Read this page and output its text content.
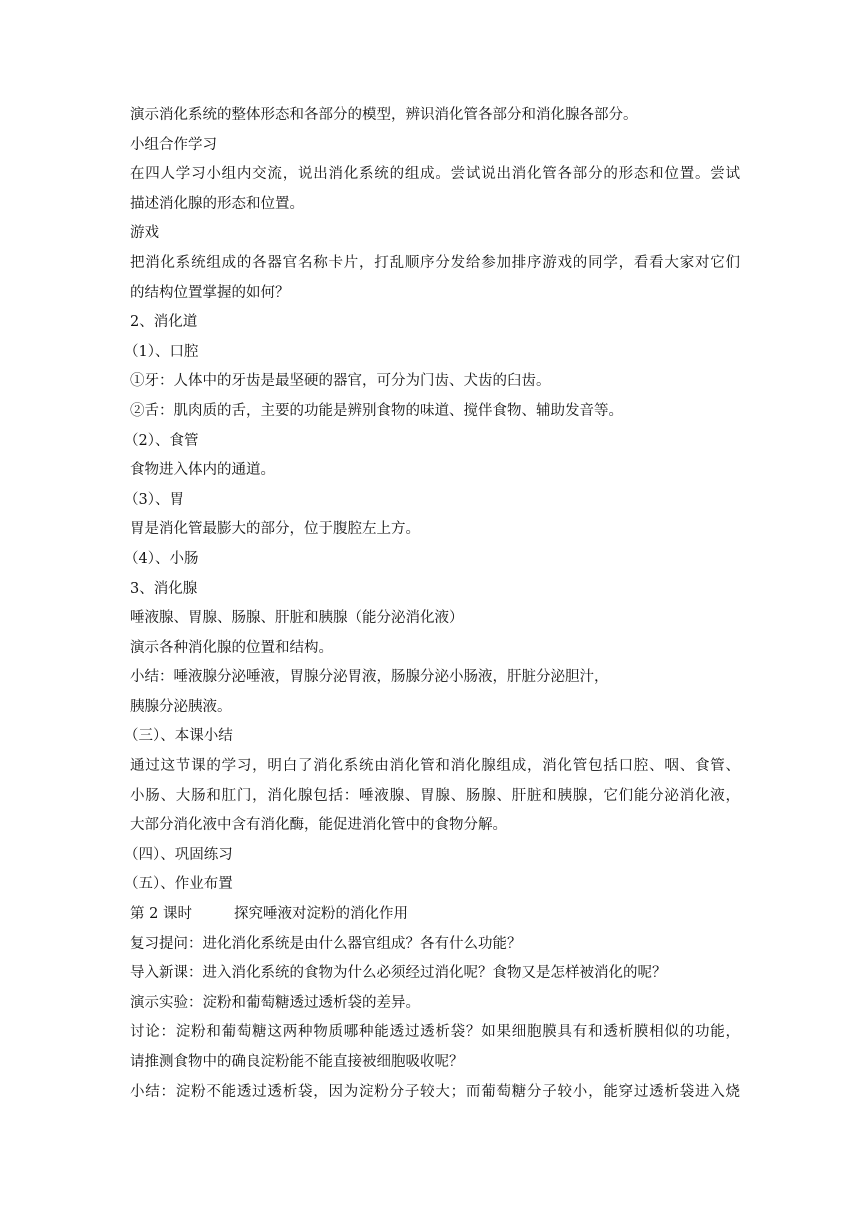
演示消化系统的整体形态和各部分的模型，辨识消化管各部分和消化腺各部分。
小组合作学习
在四人学习小组内交流，说出消化系统的组成。尝试说出消化管各部分的形态和位置。尝试
描述消化腺的形态和位置。
游戏
把消化系统组成的各器官名称卡片，打乱顺序分发给参加排序游戏的同学，看看大家对它们
的结构位置掌握的如何？
2、消化道
（1）、口腔
①牙：人体中的牙齿是最坚硬的器官，可分为门齿、犬齿的臼齿。
②舌：肌肉质的舌，主要的功能是辨别食物的味道、搅伴食物、辅助发音等。
（2）、食管
食物进入体内的通道。
（3）、胃
胃是消化管最膨大的部分，位于腹腔左上方。
（4）、小肠
3、消化腺
唾液腺、胃腺、肠腺、肝脏和胰腺（能分泌消化液）
演示各种消化腺的位置和结构。
小结：唾液腺分泌唾液，胃腺分泌胃液，肠腺分泌小肠液，肝脏分泌胆汁，
胰腺分泌胰液。
（三）、本课小结
通过这节课的学习，明白了消化系统由消化管和消化腺组成，消化管包括口腔、咽、食管、
小肠、大肠和肛门，消化腺包括：唾液腺、胃腺、肠腺、肝脏和胰腺，它们能分泌消化液，
大部分消化液中含有消化酶，能促进消化管中的食物分解。
（四）、巩固练习
（五）、作业布置
第 2 课时	探究唾液对淀粉的消化作用
复习提问：进化消化系统是由什么器官组成？各有什么功能？
导入新课：进入消化系统的食物为什么必须经过消化呢？食物又是怎样被消化的呢？
演示实验：淀粉和葡萄糖透过透析袋的差异。
讨论：淀粉和葡萄糖这两种物质哪种能透过透析袋？如果细胞膜具有和透析膜相似的功能，
请推测食物中的确良淀粉能不能直接被细胞吸收呢？
小结：淀粉不能透过透析袋，因为淀粉分子较大；而葡萄糖分子较小，能穿过透析袋进入烧
